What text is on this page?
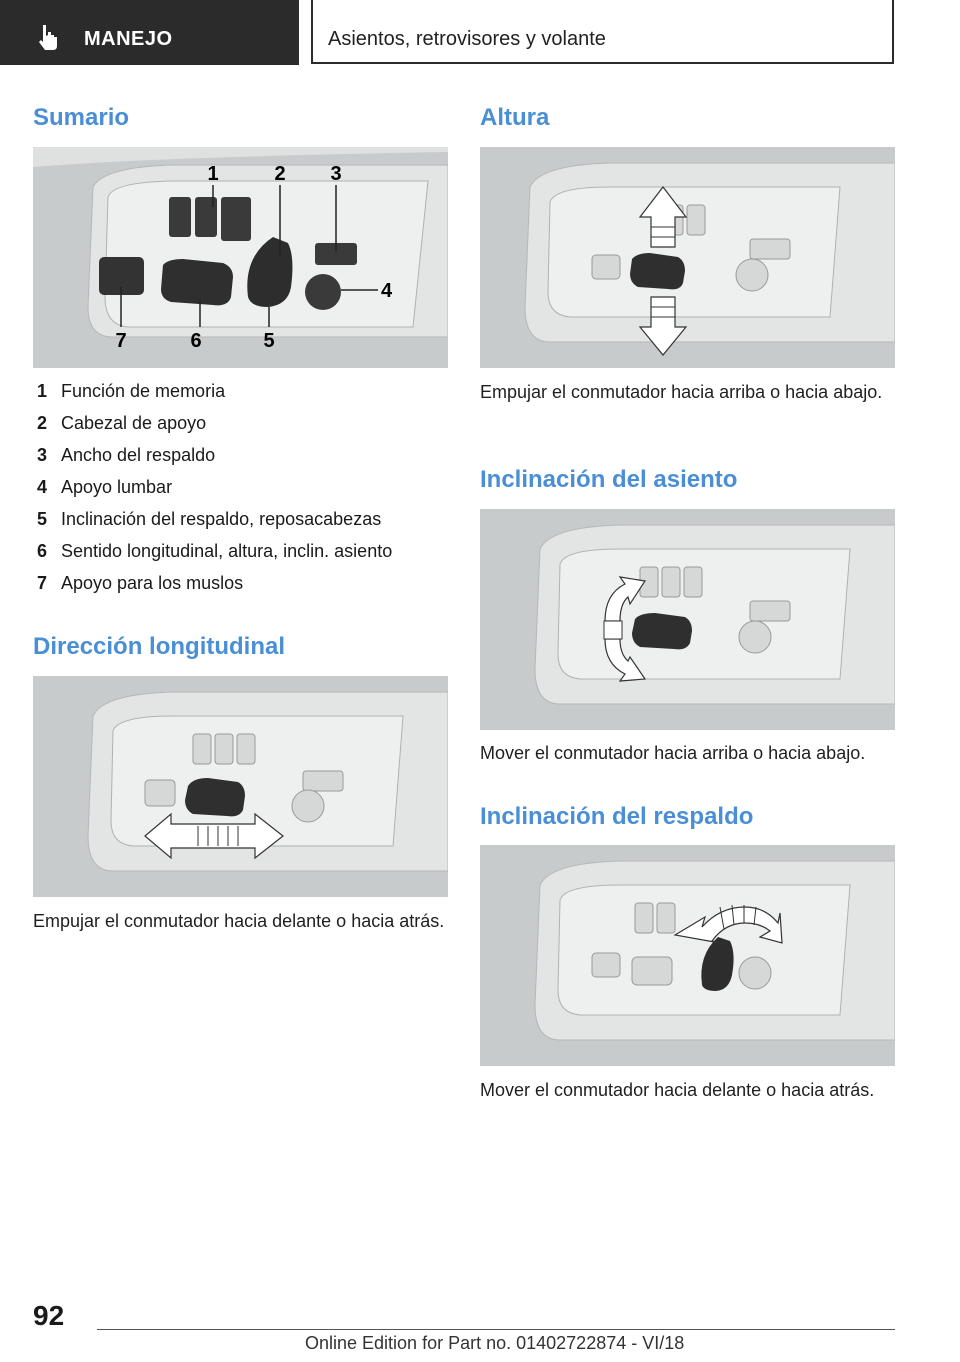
MANEJO	Asientos, retrovisores y volante
Sumario
1	2 3
4
5
6
7
1 Función de memoria
2 Cabezal de apoyo
3 Ancho del respaldo
4 Apoyo lumbar
5 Inclinación del respaldo, reposacabezas
6 Sentido longitudinal, altura, inclin. asiento
7 Apoyo para los muslos
Dirección longitudinal
Empujar el conmutador hacia delante o hacia atrás.
Altura
Empujar el conmutador hacia arriba o hacia abajo.
Inclinación del asiento
Mover el conmutador hacia arriba o hacia abajo.
Inclinación del respaldo
Mover el conmutador hacia delante o hacia atrás.
92
Online Edition for Part no. 01402722874 - VI/18
